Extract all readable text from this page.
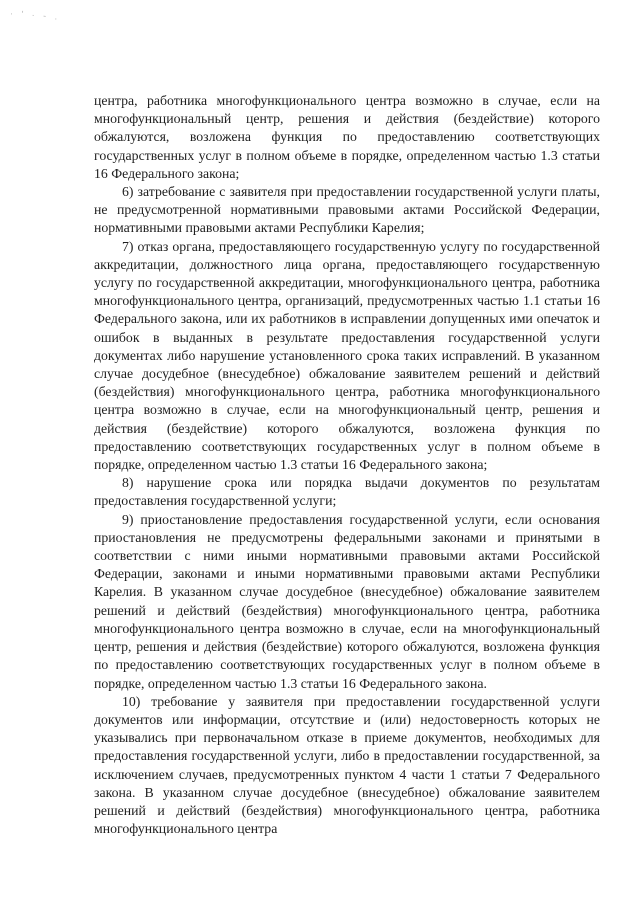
· ' · - .

центра, работника многофункционального центра возможно в случае, если на многофункциональный центр, решения и действия (бездействие) которого обжалуются, возложена функция по предоставлению соответствующих государственных услуг в полном объеме в порядке, определенном частью 1.3 статьи 16 Федерального закона;

6) затребование с заявителя при предоставлении государственной услуги платы, не предусмотренной нормативными правовыми актами Российской Федерации, нормативными правовыми актами Республики Карелия;

7) отказ органа, предоставляющего государственную услугу по государственной аккредитации, должностного лица органа, предоставляющего государственную услугу по государственной аккредитации, многофункционального центра, работника многофункционального центра, организаций, предусмотренных частью 1.1 статьи 16 Федерального закона, или их работников в исправлении допущенных ими опечаток и ошибок в выданных в результате предоставления государственной услуги документах либо нарушение установленного срока таких исправлений. В указанном случае досудебное (внесудебное) обжалование заявителем решений и действий (бездействия) многофункционального центра, работника многофункционального центра возможно в случае, если на многофункциональный центр, решения и действия (бездействие) которого обжалуются, возложена функция по предоставлению соответствующих государственных услуг в полном объеме в порядке, определенном частью 1.3 статьи 16 Федерального закона;

8) нарушение срока или порядка выдачи документов по результатам предоставления государственной услуги;

9) приостановление предоставления государственной услуги, если основания приостановления не предусмотрены федеральными законами и принятыми в соответствии с ними иными нормативными правовыми актами Российской Федерации, законами и иными нормативными правовыми актами Республики Карелия. В указанном случае досудебное (внесудебное) обжалование заявителем решений и действий (бездействия) многофункционального центра, работника многофункционального центра возможно в случае, если на многофункциональный центр, решения и действия (бездействие) которого обжалуются, возложена функция по предоставлению соответствующих государственных услуг в полном объеме в порядке, определенном частью 1.3 статьи 16 Федерального закона.

10) требование у заявителя при предоставлении государственной услуги документов или информации, отсутствие и (или) недостоверность которых не указывались при первоначальном отказе в приеме документов, необходимых для предоставления государственной услуги, либо в предоставлении государственной, за исключением случаев, предусмотренных пунктом 4 части 1 статьи 7 Федерального закона. В указанном случае досудебное (внесудебное) обжалование заявителем решений и действий (бездействия) многофункционального центра, работника многофункционального центра
